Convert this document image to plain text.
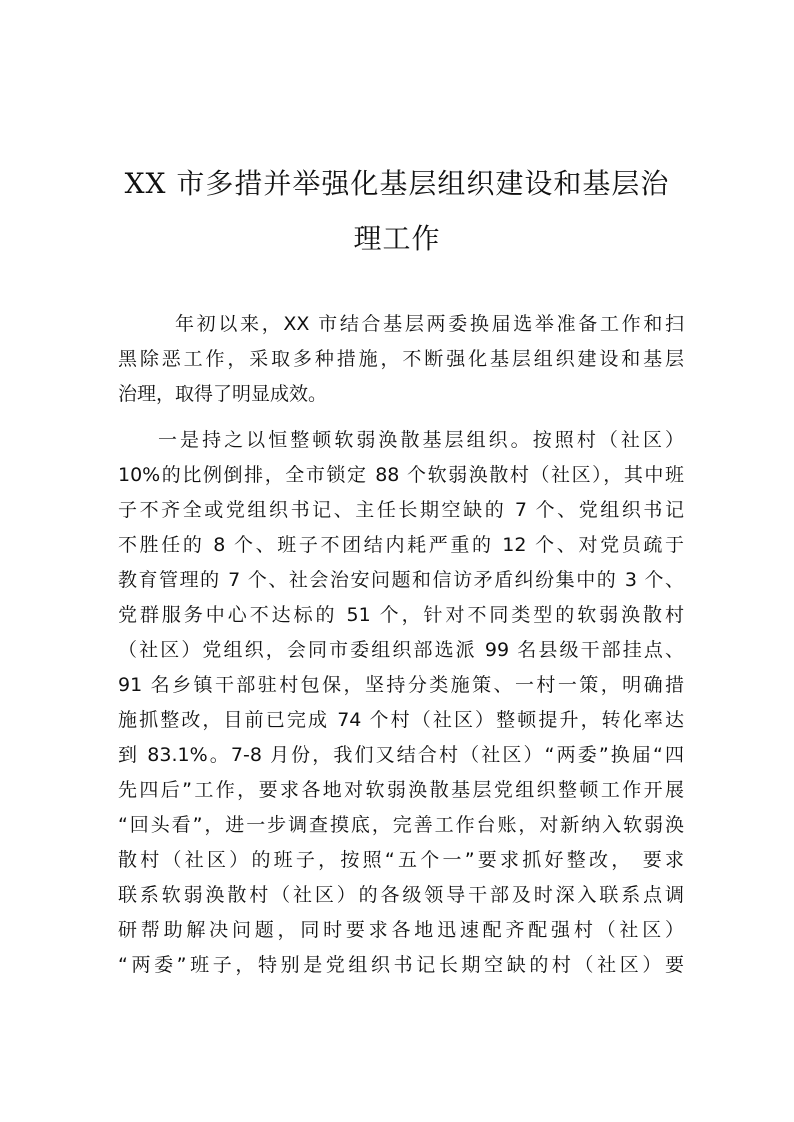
XX 市多措并举强化基层组织建设和基层治
理工作

年初以来，XX 市结合基层两委换届选举准备工作和扫

黑除恶工作，采取多种措施，不断强化基层组织建设和基层

治理，取得了明显成效。

一是持之以恒整顿软弱涣散基层组织。按照村（社区）

10%的比例倒排，全市锁定 88 个软弱涣散村（社区），其中班

子不齐全或党组织书记、主任长期空缺的 7 个、党组织书记

不胜任的 8 个、班子不团结内耗严重的 12 个、对党员疏于

教育管理的 7 个、社会治安问题和信访矛盾纠纷集中的 3 个、

党群服务中心不达标的 51 个，针对不同类型的软弱涣散村

（社区）党组织，会同市委组织部选派 99 名县级干部挂点、

91 名乡镇干部驻村包保，坚持分类施策、一村一策，明确措

施抓整改，目前已完成 74 个村（社区）整顿提升，转化率达

到 83.1%。7-8 月份，我们又结合村（社区）“两委”换届“四

先四后”工作，要求各地对软弱涣散基层党组织整顿工作开展

“回头看”，进一步调查摸底，完善工作台账，对新纳入软弱涣

散村（社区）的班子，按照“五个一”要求抓好整改， 要求

联系软弱涣散村（社区）的各级领导干部及时深入联系点调

研帮助解决问题，同时要求各地迅速配齐配强村（社区）

“两委”班子，特别是党组织书记长期空缺的村（社区）要
